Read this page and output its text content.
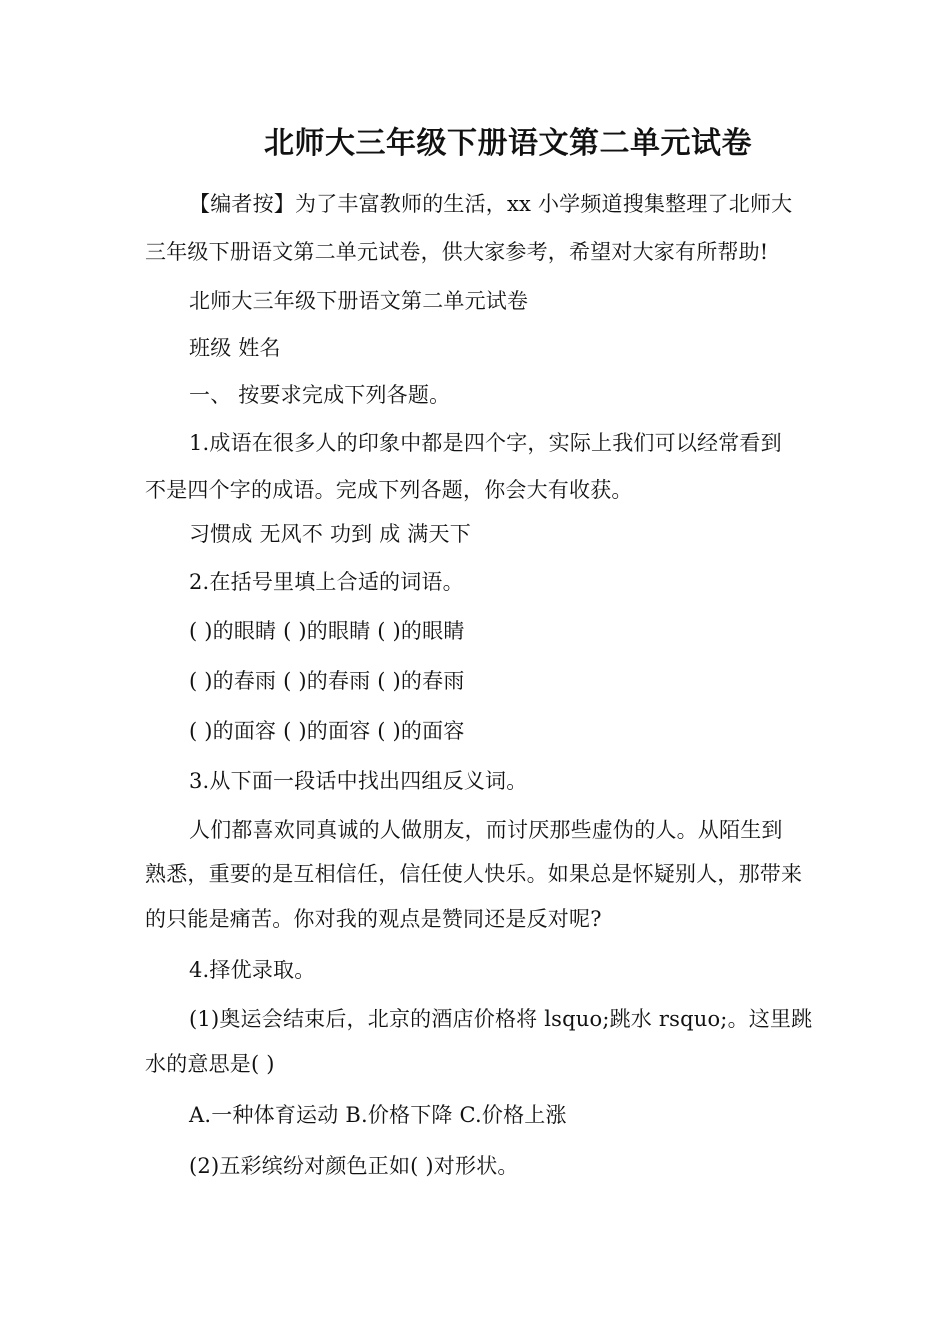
北师大三年级下册语文第二单元试卷
【编者按】为了丰富教师的生活，xx 小学频道搜集整理了北师大
三年级下册语文第二单元试卷，供大家参考，希望对大家有所帮助!
北师大三年级下册语文第二单元试卷
班级 姓名
一、 按要求完成下列各题。
1.成语在很多人的印象中都是四个字，实际上我们可以经常看到
不是四个字的成语。完成下列各题，你会大有收获。
习惯成 无风不 功到 成 满天下
2.在括号里填上合适的词语。
( )的眼睛 ( )的眼睛 ( )的眼睛
( )的春雨 ( )的春雨 ( )的春雨
( )的面容 ( )的面容 ( )的面容
3.从下面一段话中找出四组反义词。
人们都喜欢同真诚的人做朋友，而讨厌那些虚伪的人。从陌生到
熟悉，重要的是互相信任，信任使人快乐。如果总是怀疑别人，那带来
的只能是痛苦。你对我的观点是赞同还是反对呢?
4.择优录取。
(1)奥运会结束后，北京的酒店价格将 lsquo;跳水 rsquo;。这里跳
水的意思是( )
A.一种体育运动 B.价格下降 C.价格上涨
(2)五彩缤纷对颜色正如( )对形状。
